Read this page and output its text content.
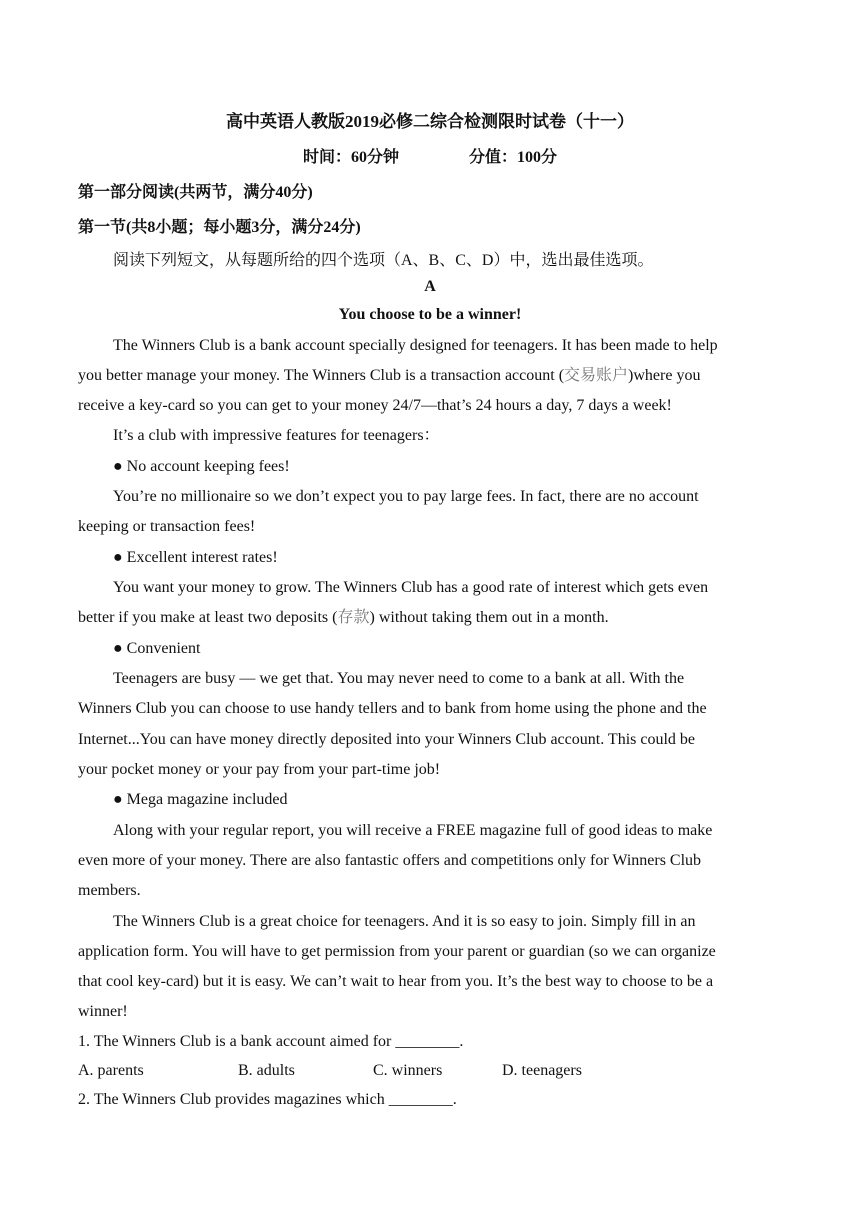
高中英语人教版2019必修二综合检测限时试卷（十一）
时间：60分钟	分值：100分
第一部分阅读(共两节，满分40分)
第一节(共8小题；每小题3分，满分24分)
阅读下列短文，从每题所给的四个选项（A、B、C、D）中，选出最佳选项。
A
You choose to be a winner!
The Winners Club is a bank account specially designed for teenagers. It has been made to help
you better manage your money. The Winners Club is a transaction account (交易账户)where you
receive a key-card so you can get to your money 24/7—that’s 24 hours a day, 7 days a week!
It’s a club with impressive features for teenagers：
● No account keeping fees!
You’re no millionaire so we don’t expect you to pay large fees. In fact, there are no account
keeping or transaction fees!
● Excellent interest rates!
You want your money to grow. The Winners Club has a good rate of interest which gets even
better if you make at least two deposits (存款) without taking them out in a month.
● Convenient
Teenagers are busy — we get that. You may never need to come to a bank at all. With the
Winners Club you can choose to use handy tellers and to bank from home using the phone and the
Internet...You can have money directly deposited into your Winners Club account. This could be
your pocket money or your pay from your part-time job!
● Mega magazine included
Along with your regular report, you will receive a FREE magazine full of good ideas to make
even more of your money. There are also fantastic offers and competitions only for Winners Club
members.
The Winners Club is a great choice for teenagers. And it is so easy to join. Simply fill in an
application form. You will have to get permission from your parent or guardian (so we can organize
that cool key-card) but it is easy. We can’t wait to hear from you. It’s the best way to choose to be a
winner!
1. The Winners Club is a bank account aimed for ________.
A. parents	B. adults	C. winners	D. teenagers
2. The Winners Club provides magazines which ________.
